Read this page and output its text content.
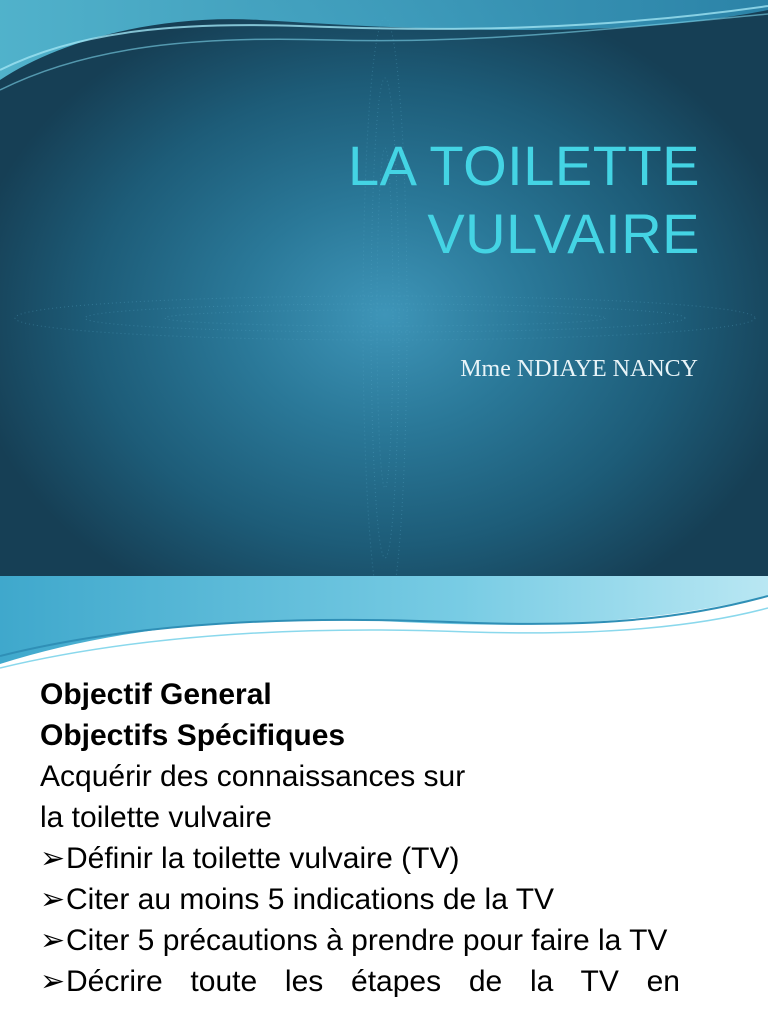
LA TOILETTE
VULVAIRE
Mme NDIAYE NANCY
Objectif General
Objectifs Spécifiques
Acquérir des connaissances sur
la toilette vulvaire
➢ Définir la toilette vulvaire (TV)
➢ Citer au moins 5 indications de la TV
➢ Citer 5 précautions à prendre pour faire la TV
➢ Décrire toute les étapes de la TV en
